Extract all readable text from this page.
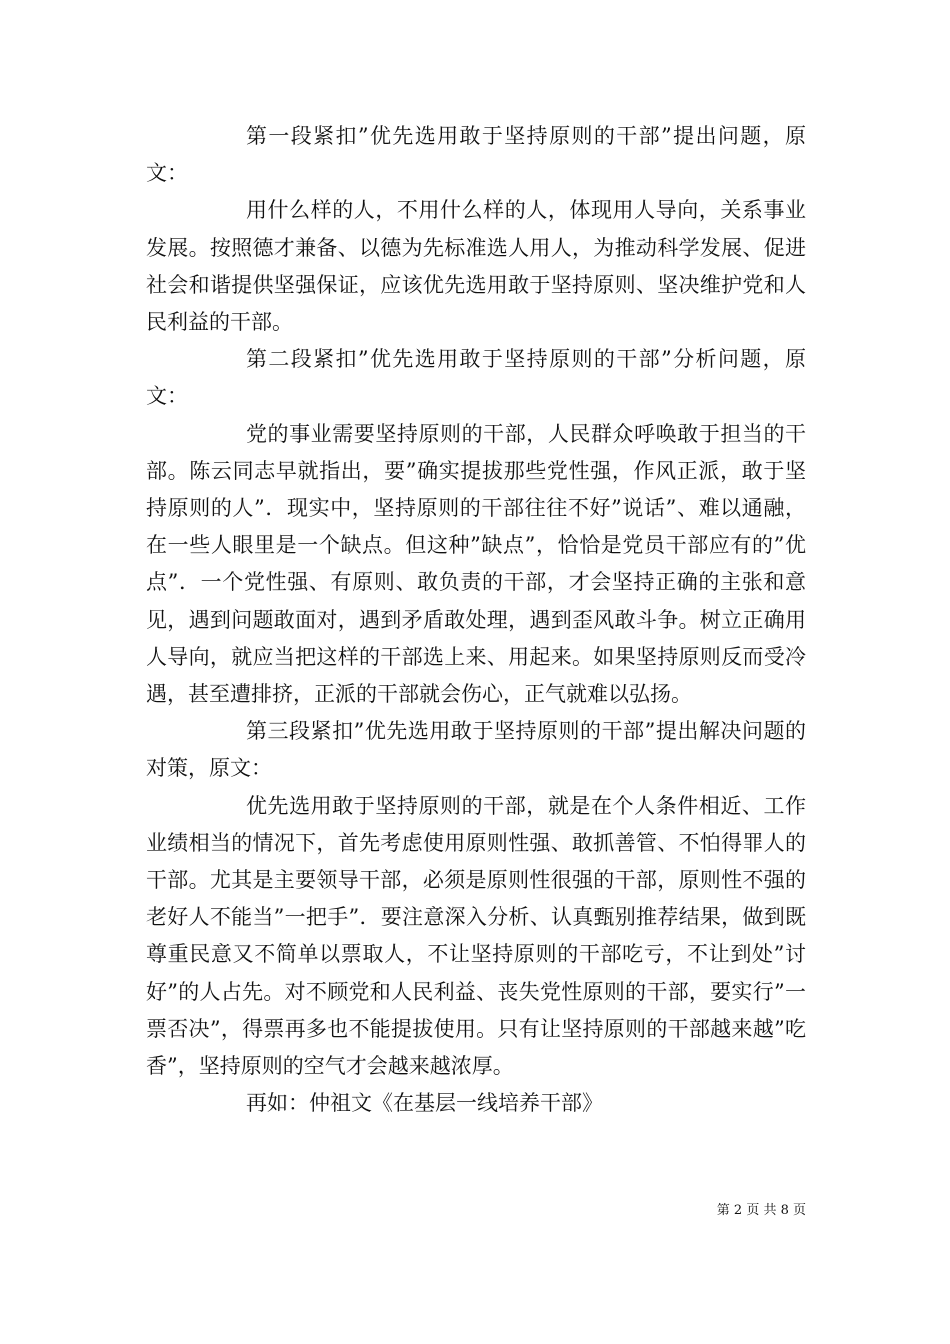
第一段紧扣”优先选用敢于坚持原则的干部”提出问题，原文：

用什么样的人，不用什么样的人，体现用人导向，关系事业发展。按照德才兼备、以德为先标准选人用人，为推动科学发展、促进社会和谐提供坚强保证，应该优先选用敢于坚持原则、坚决维护党和人民利益的干部。

第二段紧扣”优先选用敢于坚持原则的干部”分析问题，原文：

党的事业需要坚持原则的干部，人民群众呼唤敢于担当的干部。陈云同志早就指出，要”确实提拔那些党性强，作风正派，敢于坚持原则的人”．现实中，坚持原则的干部往往不好”说话”、难以通融，在一些人眼里是一个缺点。但这种”缺点”，恰恰是党员干部应有的”优点”．一个党性强、有原则、敢负责的干部，才会坚持正确的主张和意见，遇到问题敢面对，遇到矛盾敢处理，遇到歪风敢斗争。树立正确用人导向，就应当把这样的干部选上来、用起来。如果坚持原则反而受冷遇，甚至遭排挤，正派的干部就会伤心，正气就难以弘扬。

第三段紧扣”优先选用敢于坚持原则的干部”提出解决问题的对策，原文：

优先选用敢于坚持原则的干部，就是在个人条件相近、工作业绩相当的情况下，首先考虑使用原则性强、敢抓善管、不怕得罪人的干部。尤其是主要领导干部，必须是原则性很强的干部，原则性不强的老好人不能当”一把手”．要注意深入分析、认真甄别推荐结果，做到既尊重民意又不简单以票取人，不让坚持原则的干部吃亏，不让到处”讨好”的人占先。对不顾党和人民利益、丧失党性原则的干部，要实行”一票否决”，得票再多也不能提拔使用。只有让坚持原则的干部越来越”吃香”，坚持原则的空气才会越来越浓厚。

再如：仲祖文《在基层一线培养干部》

第 2 页 共 8 页
